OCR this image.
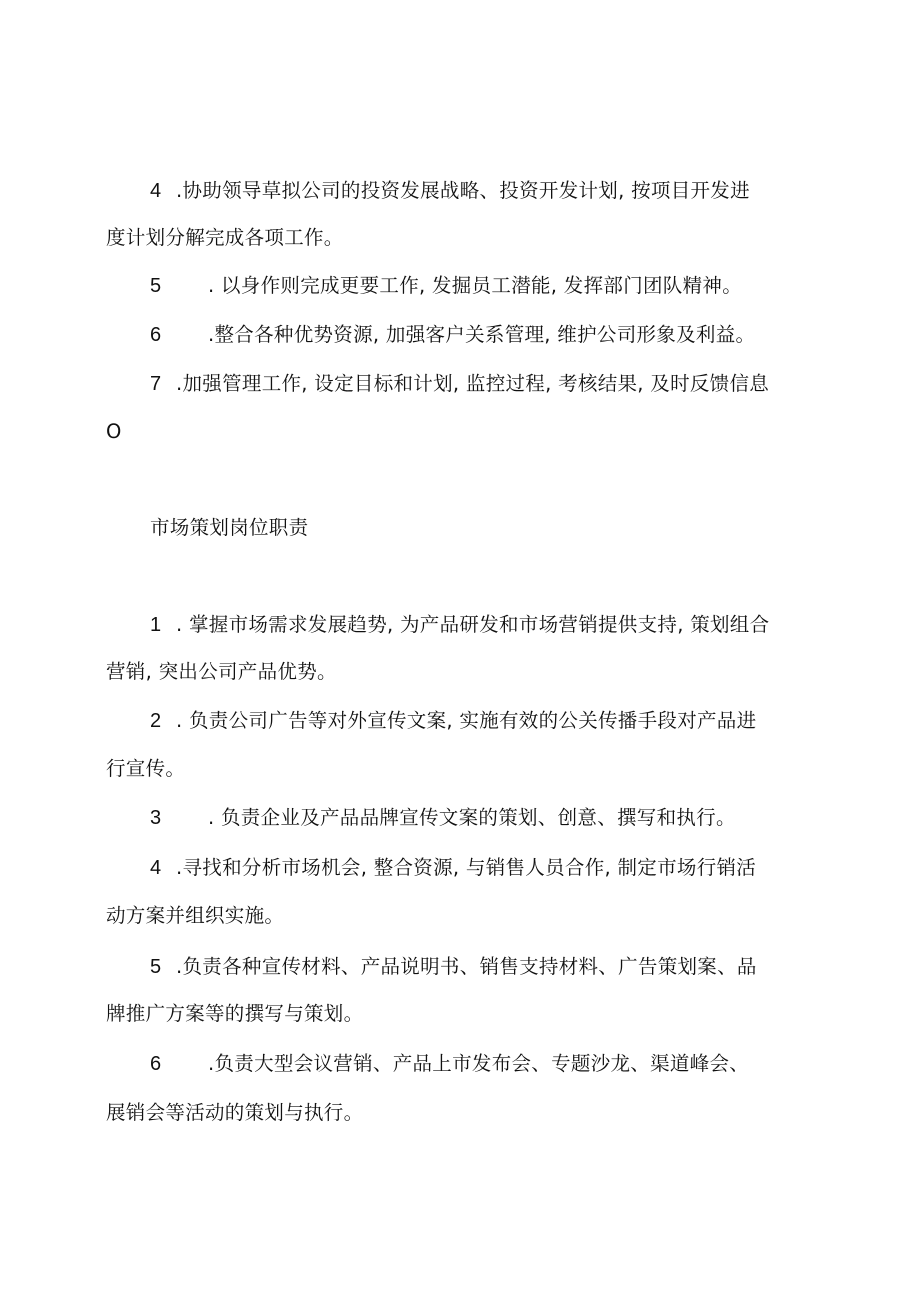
4 .协助领导草拟公司的投资发展战略、投资开发计划, 按项目开发进
度计划分解完成各项工作。
5 . 以身作则完成更要工作, 发掘员工潜能, 发挥部门团队精神。
6 .整合各种优势资源, 加强客户关系管理, 维护公司形象及利益。
7 .加强管理工作, 设定目标和计划, 监控过程, 考核结果, 及时反馈信息
O
市场策划岗位职责
1 . 掌握市场需求发展趋势, 为产品研发和市场营销提供支持, 策划组合
营销, 突出公司产品优势。
2 . 负责公司广告等对外宣传文案, 实施有效的公关传播手段对产品进
行宣传。
3 . 负责企业及产品品牌宣传文案的策划、创意、撰写和执行。
4 .寻找和分析市场机会, 整合资源, 与销售人员合作, 制定市场行销活
动方案并组织实施。
5 .负责各种宣传材料、产品说明书、销售支持材料、广告策划案、品
牌推广方案等的撰写与策划。
6 .负责大型会议营销、产品上市发布会、专题沙龙、渠道峰会、
展销会等活动的策划与执行。
